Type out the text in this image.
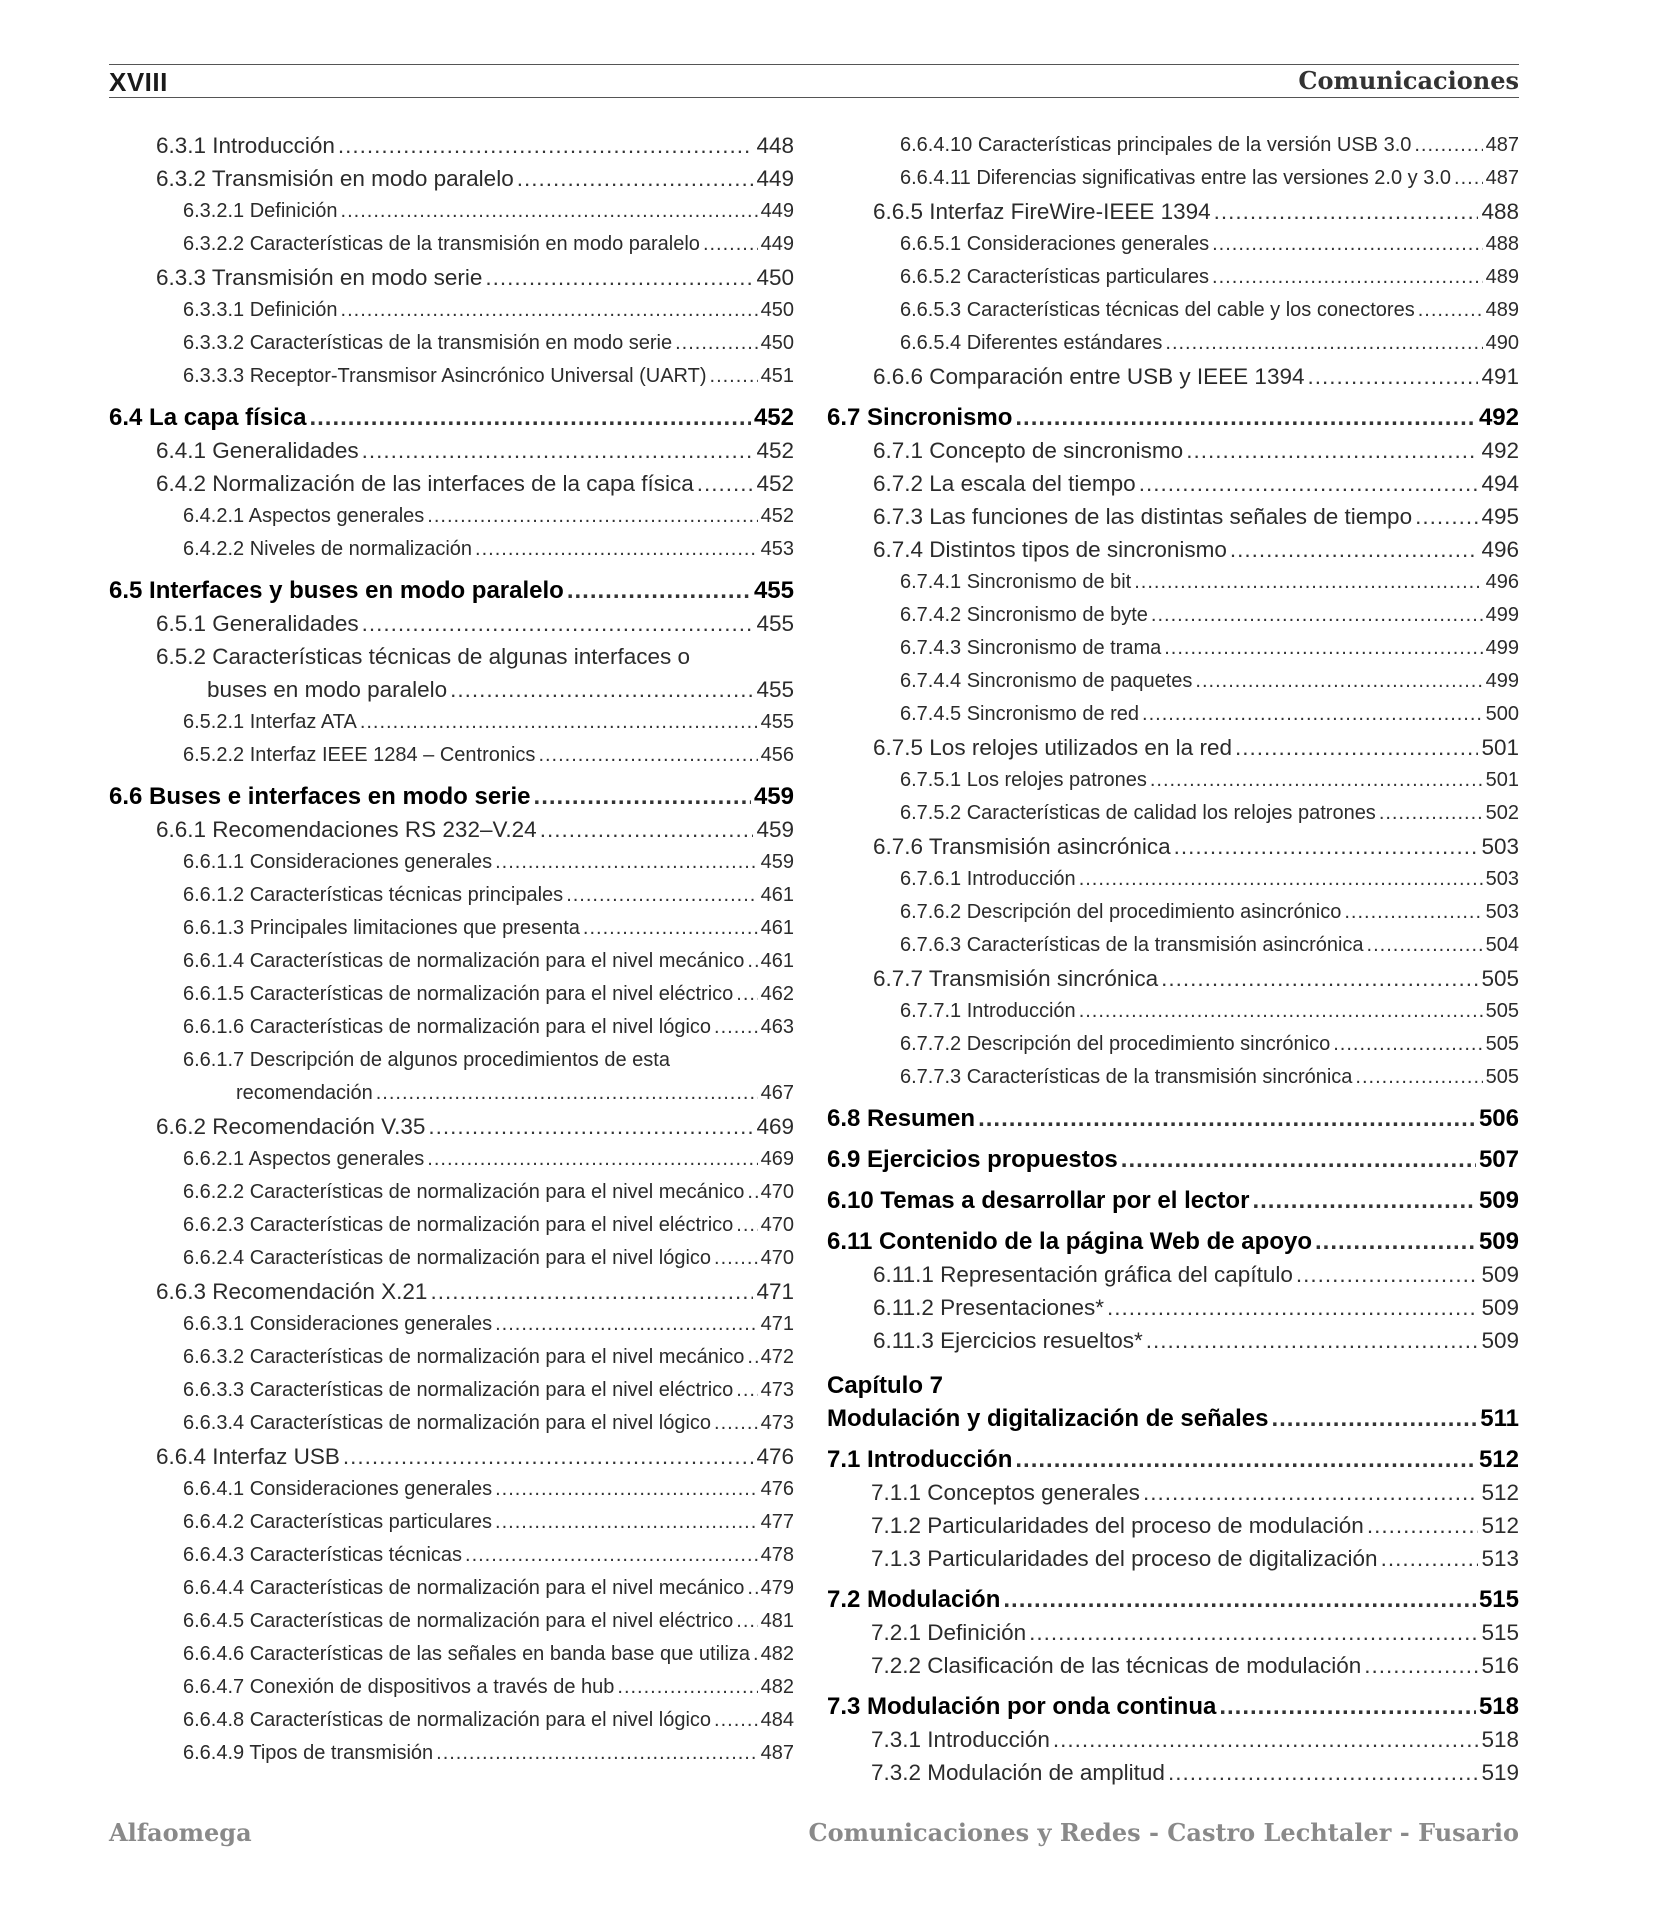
XVIII	Comunicaciones
6.3.1 Introducción .....	448
6.3.2 Transmisión en modo paralelo .....	449
6.3.2.1 Definición .....	449
6.3.2.2 Características de la transmisión en modo paralelo .....	449
6.3.3 Transmisión en modo serie .....	450
6.3.3.1 Definición .....	450
6.3.3.2 Características de la transmisión en modo serie .....	450
6.3.3.3 Receptor-Transmisor Asincrónico Universal (UART) .....	451
6.4 La capa física .....	452
6.4.1 Generalidades .....	452
6.4.2 Normalización de las interfaces de la capa física .....	452
6.4.2.1 Aspectos generales .....	452
6.4.2.2 Niveles de normalización .....	453
6.5 Interfaces y buses en modo paralelo .....	455
6.5.1 Generalidades .....	455
6.5.2 Características técnicas de algunas interfaces o
buses en modo paralelo .....	455
6.5.2.1 Interfaz ATA .....	455
6.5.2.2 Interfaz IEEE 1284 – Centronics .....	456
6.6 Buses e interfaces en modo serie .....	459
6.6.1 Recomendaciones RS 232–V.24 .....	459
6.6.1.1 Consideraciones generales .....	459
6.6.1.2 Características técnicas principales .....	461
6.6.1.3 Principales limitaciones que presenta .....	461
6.6.1.4 Características de normalización para el nivel mecánico ..... 461
6.6.1.5 Características de normalización para el nivel eléctrico ..... 462
6.6.1.6 Características de normalización para el nivel lógico ..... 463
6.6.1.7 Descripción de algunos procedimientos de esta
recomendación .....	467
6.6.2 Recomendación V.35 .....	469
6.6.2.1 Aspectos generales .....	469
6.6.2.2 Características de normalización para el nivel mecánico ..... 470
6.6.2.3 Características de normalización para el nivel eléctrico ..... 470
6.6.2.4 Características de normalización para el nivel lógico ..... 470
6.6.3 Recomendación X.21 .....	471
6.6.3.1 Consideraciones generales .....	471
6.6.3.2 Características de normalización para el nivel mecánico ..... 472
6.6.3.3 Características de normalización para el nivel eléctrico ..... 473
6.6.3.4 Características de normalización para el nivel lógico ..... 473
6.6.4 Interfaz USB .....	476
6.6.4.1 Consideraciones generales .....	476
6.6.4.2 Características particulares .....	477
6.6.4.3 Características técnicas .....	478
6.6.4.4 Características de normalización para el nivel mecánico ..... 479
6.6.4.5 Características de normalización para el nivel eléctrico ..... 481
6.6.4.6 Características de las señales en banda base que utiliza ..... 482
6.6.4.7 Conexión de dispositivos a través de hub .....	482
6.6.4.8 Características de normalización para el nivel lógico ..... 484
6.6.4.9 Tipos de transmisión .....	487
6.6.4.10 Características principales de la versión USB 3.0 .....	487
6.6.4.11 Diferencias significativas entre las versiones 2.0 y 3.0 ..... 487
6.6.5 Interfaz FireWire-IEEE 1394 .....	488
6.6.5.1 Consideraciones generales .....	488
6.6.5.2 Características particulares .....	489
6.6.5.3 Características técnicas del cable y los conectores .....	489
6.6.5.4 Diferentes estándares .....	490
6.6.6 Comparación entre USB y IEEE 1394 .....	491
6.7 Sincronismo .....	492
6.7.1 Concepto de sincronismo .....	492
6.7.2 La escala del tiempo .....	494
6.7.3 Las funciones de las distintas señales de tiempo .....	495
6.7.4 Distintos tipos de sincronismo .....	496
6.7.4.1 Sincronismo de bit .....	496
6.7.4.2 Sincronismo de byte .....	499
6.7.4.3 Sincronismo de trama .....	499
6.7.4.4 Sincronismo de paquetes .....	499
6.7.4.5 Sincronismo de red .....	500
6.7.5 Los relojes utilizados en la red .....	501
6.7.5.1 Los relojes patrones .....	501
6.7.5.2 Características de calidad los relojes patrones .....	502
6.7.6 Transmisión asincrónica .....	503
6.7.6.1 Introducción .....	503
6.7.6.2 Descripción del procedimiento asincrónico .....	503
6.7.6.3 Características de la transmisión asincrónica .....	504
6.7.7 Transmisión sincrónica .....	505
6.7.7.1 Introducción .....	505
6.7.7.2 Descripción del procedimiento sincrónico .....	505
6.7.7.3 Características de la transmisión sincrónica .....	505
6.8 Resumen .....	506
6.9 Ejercicios propuestos .....	507
6.10 Temas a desarrollar por el lector .....	509
6.11 Contenido de la página Web de apoyo .....	509
6.11.1 Representación gráfica del capítulo .....	509
6.11.2 Presentaciones* .....	509
6.11.3 Ejercicios resueltos* .....	509
Capítulo 7
Modulación y digitalización de señales .....	511
7.1 Introducción .....	512
7.1.1 Conceptos generales .....	512
7.1.2 Particularidades del proceso de modulación .....	512
7.1.3 Particularidades del proceso de digitalización .....	513
7.2 Modulación .....	515
7.2.1 Definición .....	515
7.2.2 Clasificación de las técnicas de modulación .....	516
7.3 Modulación por onda continua .....	518
7.3.1 Introducción .....	518
7.3.2 Modulación de amplitud .....	519
Alfaomega	Comunicaciones y Redes - Castro Lechtaler - Fusario
